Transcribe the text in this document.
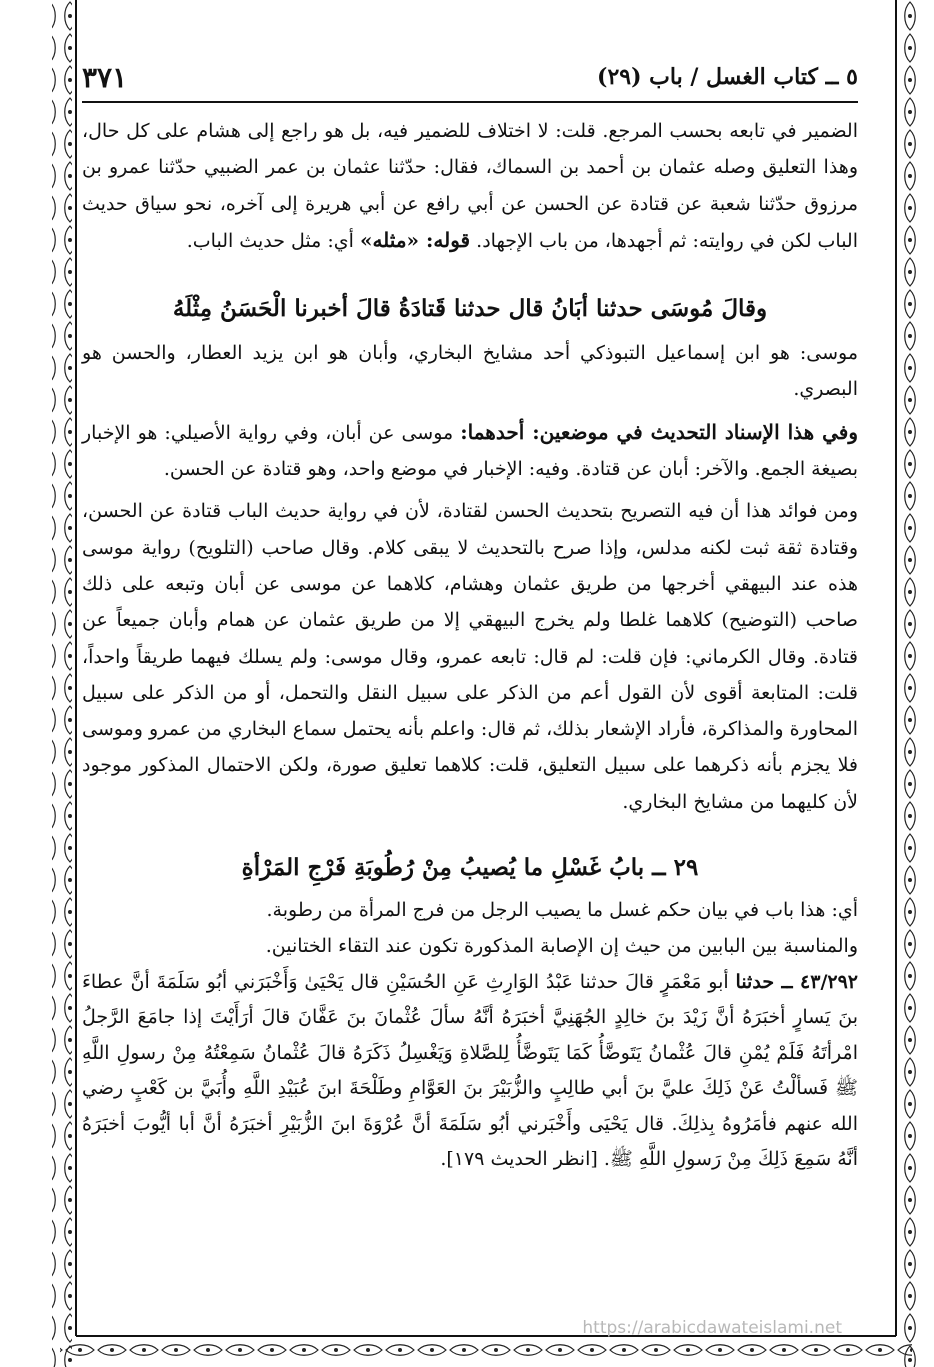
٥ ــ كتاب الغسل / باب (٢٩)
٣٧١

الضمير في تابعه بحسب المرجع. قلت: لا اختلاف للضمير فيه، بل هو راجع إلى هشام على كل حال، وهذا التعليق وصله عثمان بن أحمد بن السماك، فقال: حدّثنا عثمان بن عمر الضبيي حدّثنا عمرو بن مرزوق حدّثنا شعبة عن قتادة عن الحسن عن أبي رافع عن أبي هريرة إلى آخره، نحو سياق حديث الباب لكن في روايته: ثم أجهدها، من باب الإجهاد. قوله: «مثله» أي: مثل حديث الباب.

وقالَ مُوسَى حدثنا أبَانُ قال حدثنا قَتادَةُ قالَ أخبرنا الْحَسَنُ مِثْلَهُ

موسى: هو ابن إسماعيل التبوذكي أحد مشايخ البخاري، وأبان هو ابن يزيد العطار، والحسن هو البصري.

وفي هذا الإسناد التحديث في موضعين: أحدهما: موسى عن أبان، وفي رواية الأصيلي: هو الإخبار بصيغة الجمع. والآخر: أبان عن قتادة. وفيه: الإخبار في موضع واحد، وهو قتادة عن الحسن.

ومن فوائد هذا أن فيه التصريح بتحديث الحسن لقتادة، لأن في رواية حديث الباب قتادة عن الحسن، وقتادة ثقة ثبت لكنه مدلس، وإذا صرح بالتحديث لا يبقى كلام. وقال صاحب (التلويح) رواية موسى هذه عند البيهقي أخرجها من طريق عثمان وهشام، كلاهما عن موسى عن أبان وتبعه على ذلك صاحب (التوضيح) كلاهما غلطا ولم يخرج البيهقي إلا من طريق عثمان عن همام وأبان جميعاً عن قتادة. وقال الكرماني: فإن قلت: لم قال: تابعه عمرو، وقال موسى: ولم يسلك فيهما طريقاً واحداً، قلت: المتابعة أقوى لأن القول أعم من الذكر على سبيل النقل والتحمل، أو من الذكر على سبيل المحاورة والمذاكرة، فأراد الإشعار بذلك، ثم قال: واعلم بأنه يحتمل سماع البخاري من عمرو وموسى فلا يجزم بأنه ذكرهما على سبيل التعليق، قلت: كلاهما تعليق صورة، ولكن الاحتمال المذكور موجود لأن كليهما من مشايخ البخاري.

٢٩ ــ بابُ غَسْلِ ما يُصيبُ مِنْ رُطُوبَةِ فَرْجِ المَرْأةِ

أي: هذا باب في بيان حكم غسل ما يصيب الرجل من فرج المرأة من رطوبة.

والمناسبة بين البابين من حيث إن الإصابة المذكورة تكون عند التقاء الختانين.

٤٣/٢٩٢ ــ حدثنا أبو مَعْمَرٍ قالَ حدثنا عَبْدُ الوَارِثِ عَنِ الحُسَيْنِ قال يَحْيَىٰ وَأَخْبَرَني أبُو سَلَمَةَ أنَّ عطاءَ بنَ يَسارٍ أخبَرَهُ أنَّ زَيْدَ بنَ خالِدٍ الجُهَنِيَّ أخبَرَهُ أنَّهُ سألَ عُثْمانَ بنَ عَفَّانَ قالَ أرَأَيْتَ إذا جامَعَ الرَّجلُ امْرأتَهُ فَلَمْ يُمْنِ قالَ عُثْمانُ يَتَوضَّأُ كَمَا يَتَوضَّأُ لِلصَّلاةِ وَيَغْسِلُ ذَكَرَهُ قالَ عُثْمانُ سَمِعْتُهُ مِنْ رسولِ اللَّهِ ﷺ فَسألْتُ عَنْ ذَلِكَ عليَّ بنَ أبي طالِبٍ والزُّبَيْرَ بنَ العَوَّامِ وطَلْحَةَ ابنَ عُبَيْدِ اللَّهِ وأُبَيَّ بن كَعْبٍ رضي الله عنهم فأمَرُوهُ بِذلِكَ. قال يَحْيَى وأَخْبَرني أبُو سَلَمَةَ أنَّ عُرْوَةَ ابنَ الزُّبَيْرِ أخبَرَهُ أنَّ أبا أيُّوبَ أخبَرَهُ أنَّهُ سَمِعَ ذَلِكَ مِنْ رَسولِ اللَّهِ ﷺ. [انظر الحديث ١٧٩].

https://arabicdawateislami.net
